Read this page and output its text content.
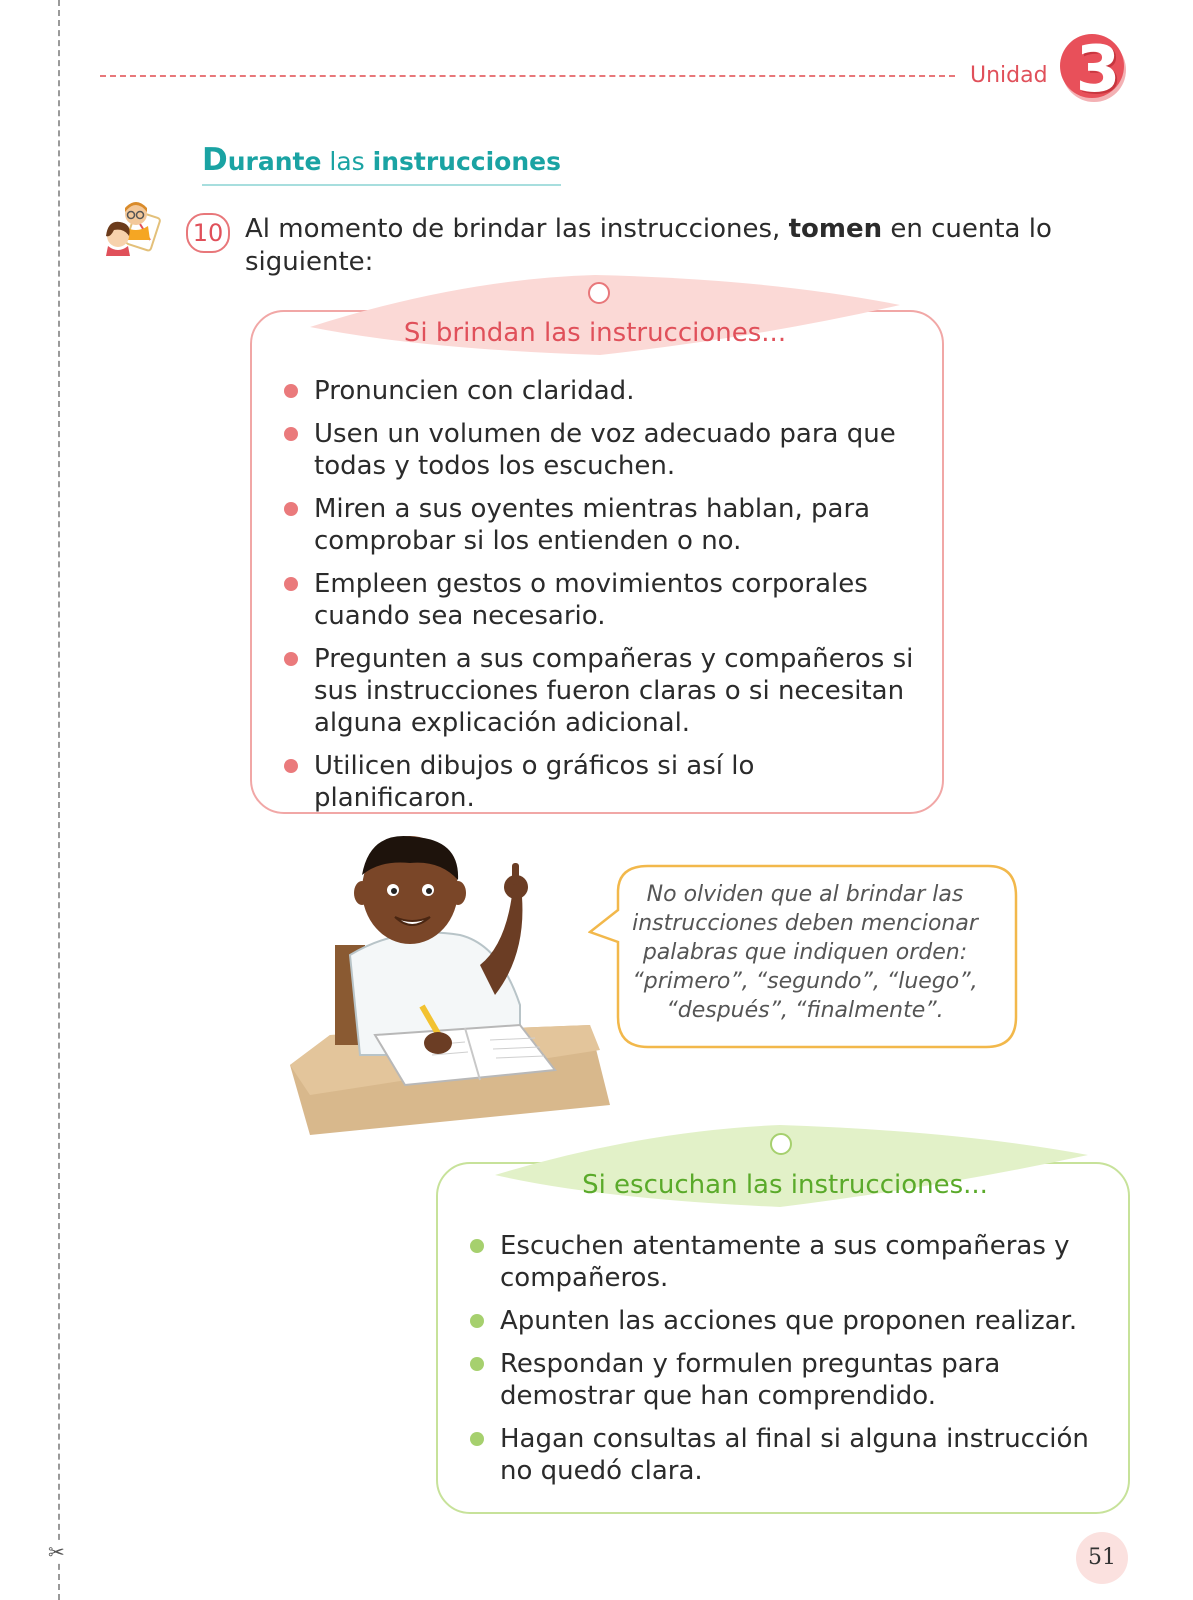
✂
Unidad 3
Durante las instrucciones
10 Al momento de brindar las instrucciones, tomen en cuenta lo siguiente:
Si brindan las instrucciones...
Pronuncien con claridad.
Usen un volumen de voz adecuado para que todas y todos los escuchen.
Miren a sus oyentes mientras hablan, para comprobar si los entienden o no.
Empleen gestos o movimientos corporales cuando sea necesario.
Pregunten a sus compañeras y compañeros si sus instrucciones fueron claras o si necesitan alguna explicación adicional.
Utilicen dibujos o gráficos si así lo planificaron.
No olviden que al brindar las instrucciones deben mencionar palabras que indiquen orden: “primero”, “segundo”, “luego”, “después”, “finalmente”.
Si escuchan las instrucciones...
Escuchen atentamente a sus compañeras y compañeros.
Apunten las acciones que proponen realizar.
Respondan y formulen preguntas para demostrar que han comprendido.
Hagan consultas al final si alguna instrucción no quedó clara.
51
